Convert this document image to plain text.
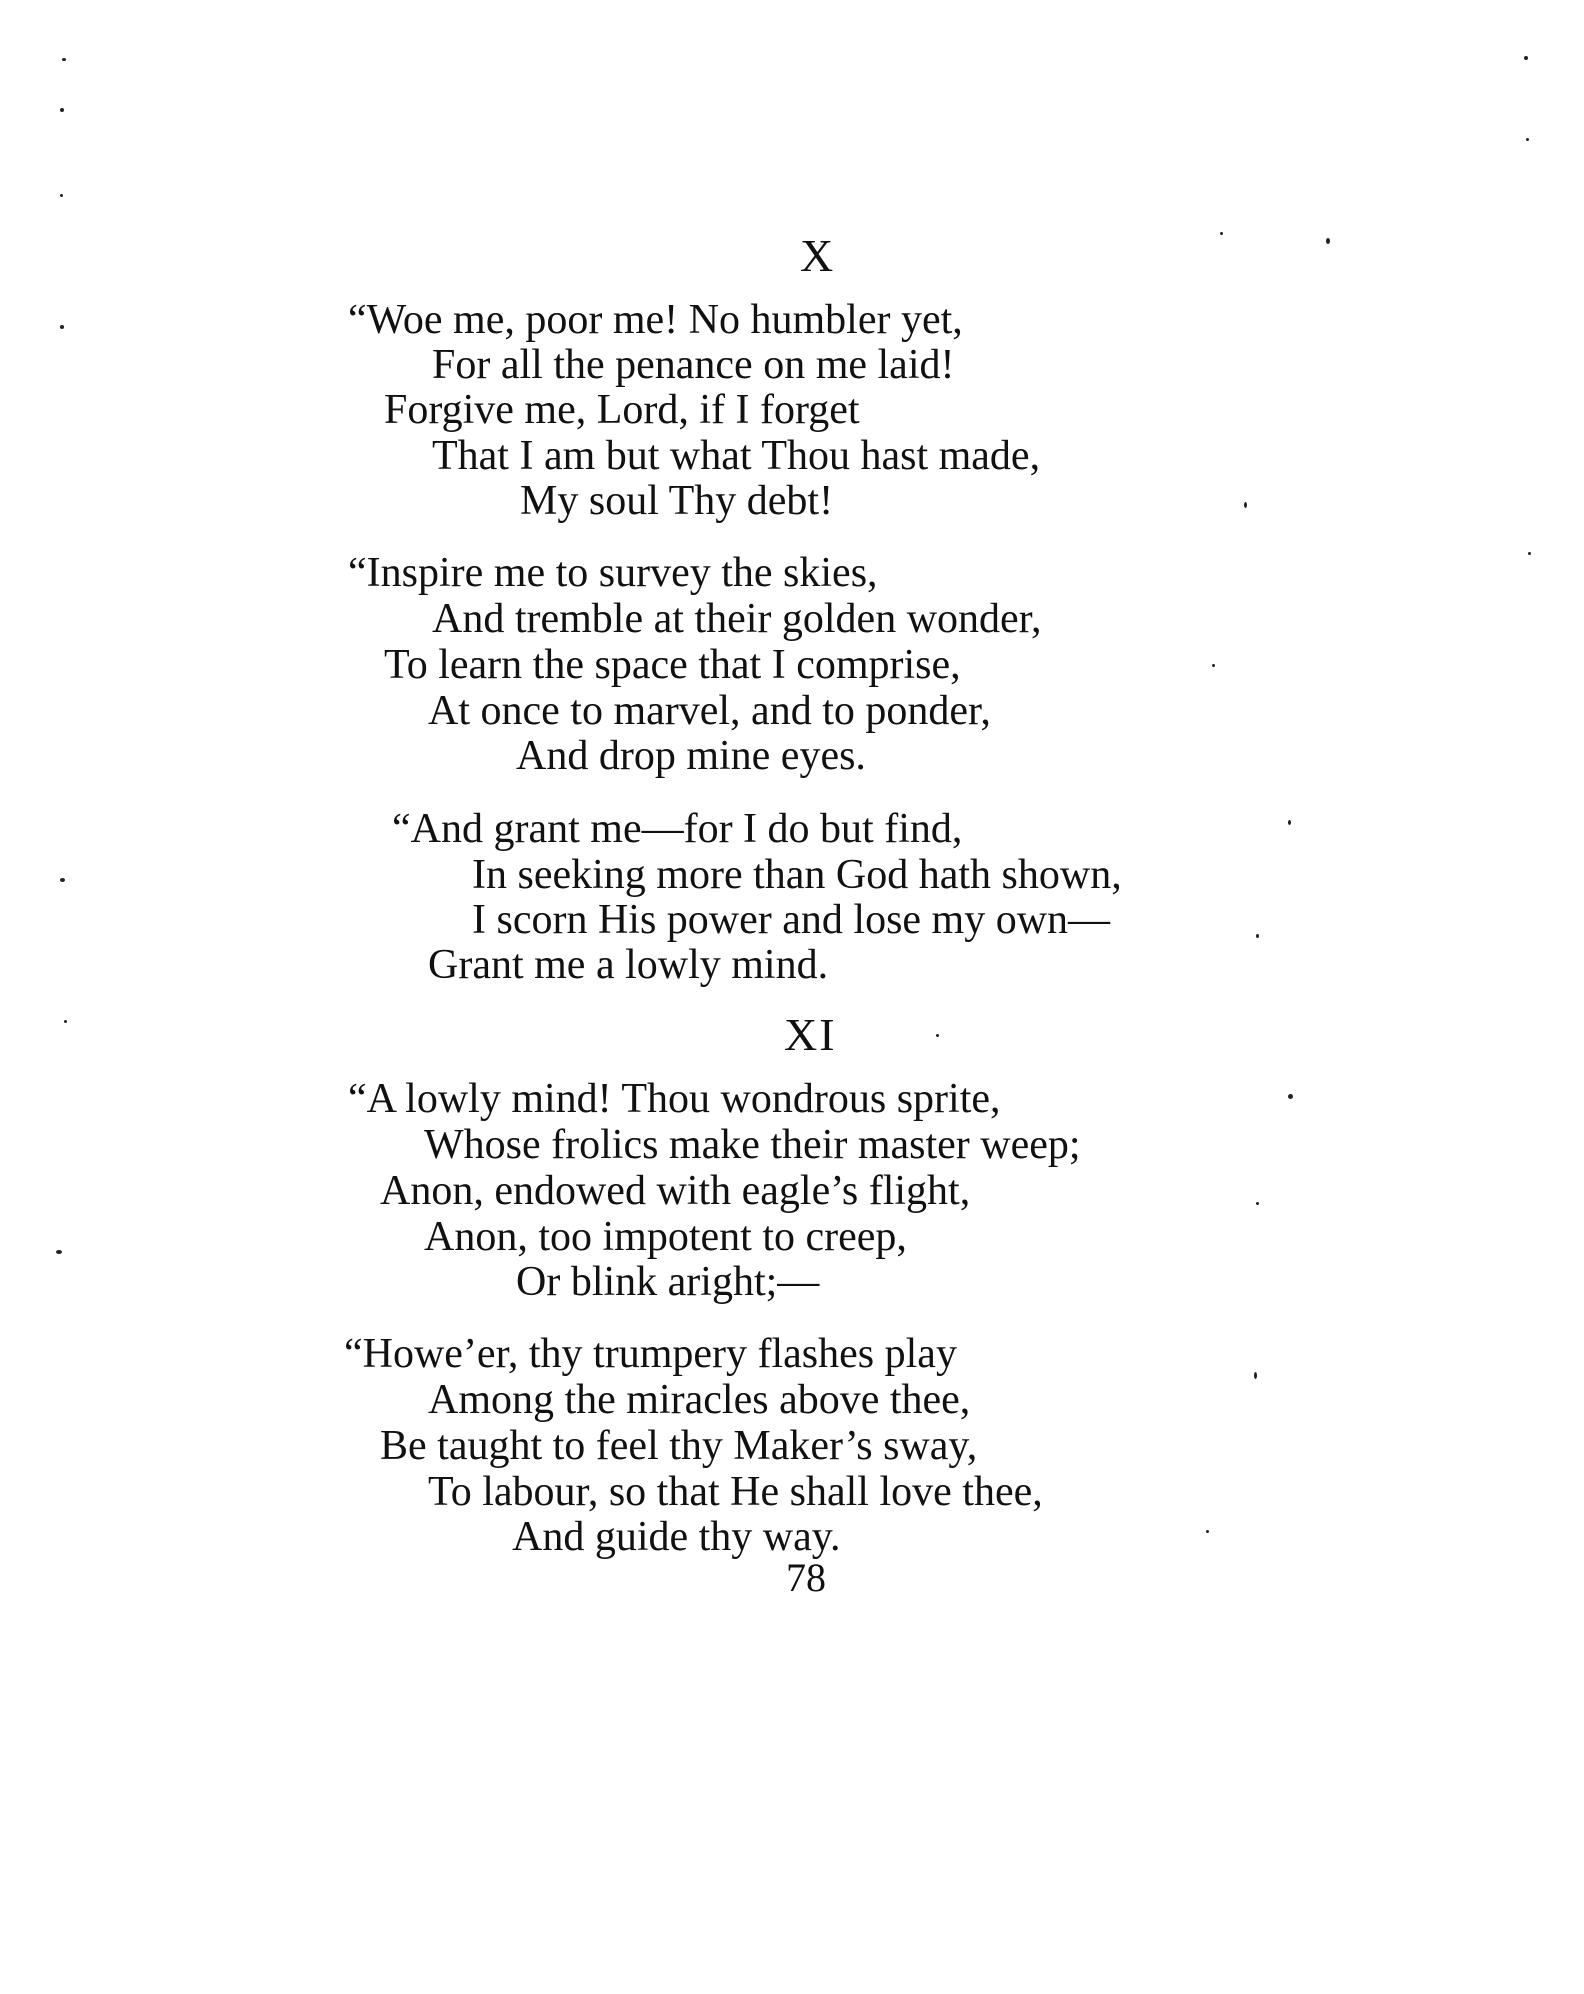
X
“Woe me, poor me! No humbler yet,
For all the penance on me laid!
Forgive me, Lord, if I forget
That I am but what Thou hast made,
My soul Thy debt!
“Inspire me to survey the skies,
And tremble at their golden wonder,
To learn the space that I comprise,
At once to marvel, and to ponder,
And drop mine eyes.
“And grant me—for I do but find,
In seeking more than God hath shown,
I scorn His power and lose my own—
Grant me a lowly mind.
XI
“A lowly mind! Thou wondrous sprite,
Whose frolics make their master weep;
Anon, endowed with eagle’s flight,
Anon, too impotent to creep,
Or blink aright;—
“Howe’er, thy trumpery flashes play
Among the miracles above thee,
Be taught to feel thy Maker’s sway,
To labour, so that He shall love thee,
And guide thy way.
78
